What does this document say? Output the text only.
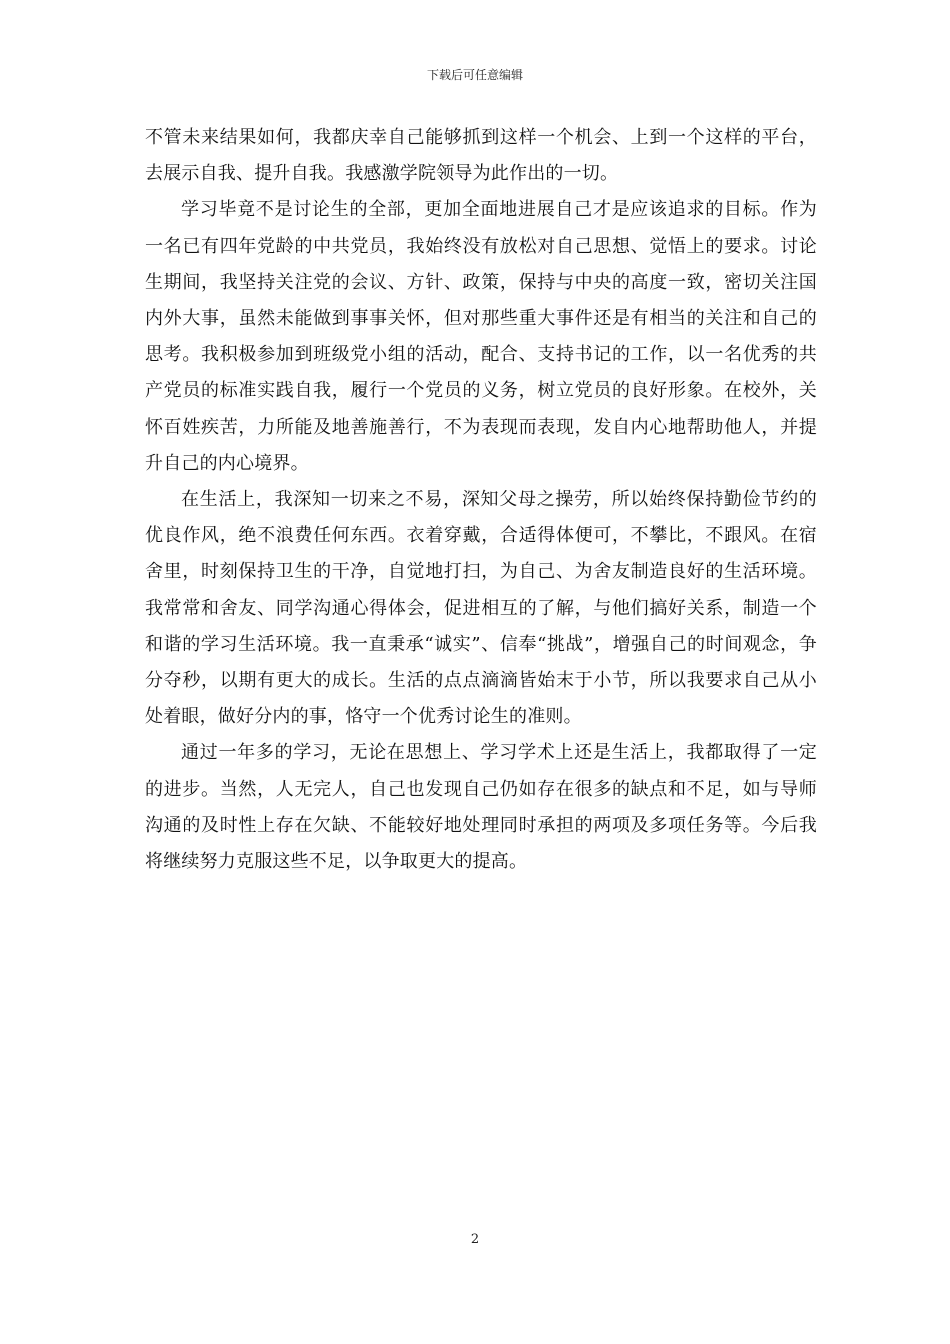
下载后可任意编辑

不管未来结果如何，我都庆幸自己能够抓到这样一个机会、上到一个这样的平台，去展示自我、提升自我。我感激学院领导为此作出的一切。

学习毕竟不是讨论生的全部，更加全面地进展自己才是应该追求的目标。作为一名已有四年党龄的中共党员，我始终没有放松对自己思想、觉悟上的要求。讨论生期间，我坚持关注党的会议、方针、政策，保持与中央的高度一致，密切关注国内外大事，虽然未能做到事事关怀，但对那些重大事件还是有相当的关注和自己的思考。我积极参加到班级党小组的活动，配合、支持书记的工作，以一名优秀的共产党员的标准实践自我，履行一个党员的义务，树立党员的良好形象。在校外，关怀百姓疾苦，力所能及地善施善行，不为表现而表现，发自内心地帮助他人，并提升自己的内心境界。

在生活上，我深知一切来之不易，深知父母之操劳，所以始终保持勤俭节约的优良作风，绝不浪费任何东西。衣着穿戴，合适得体便可，不攀比，不跟风。在宿舍里，时刻保持卫生的干净，自觉地打扫，为自己、为舍友制造良好的生活环境。我常常和舍友、同学沟通心得体会，促进相互的了解，与他们搞好关系，制造一个和谐的学习生活环境。我一直秉承“诚实”、信奉“挑战”，增强自己的时间观念，争分夺秒，以期有更大的成长。生活的点点滴滴皆始末于小节，所以我要求自己从小处着眼，做好分内的事，恪守一个优秀讨论生的准则。

通过一年多的学习，无论在思想上、学习学术上还是生活上，我都取得了一定的进步。当然，人无完人，自己也发现自己仍如存在很多的缺点和不足，如与导师沟通的及时性上存在欠缺、不能较好地处理同时承担的两项及多项任务等。今后我将继续努力克服这些不足，以争取更大的提高。

2
